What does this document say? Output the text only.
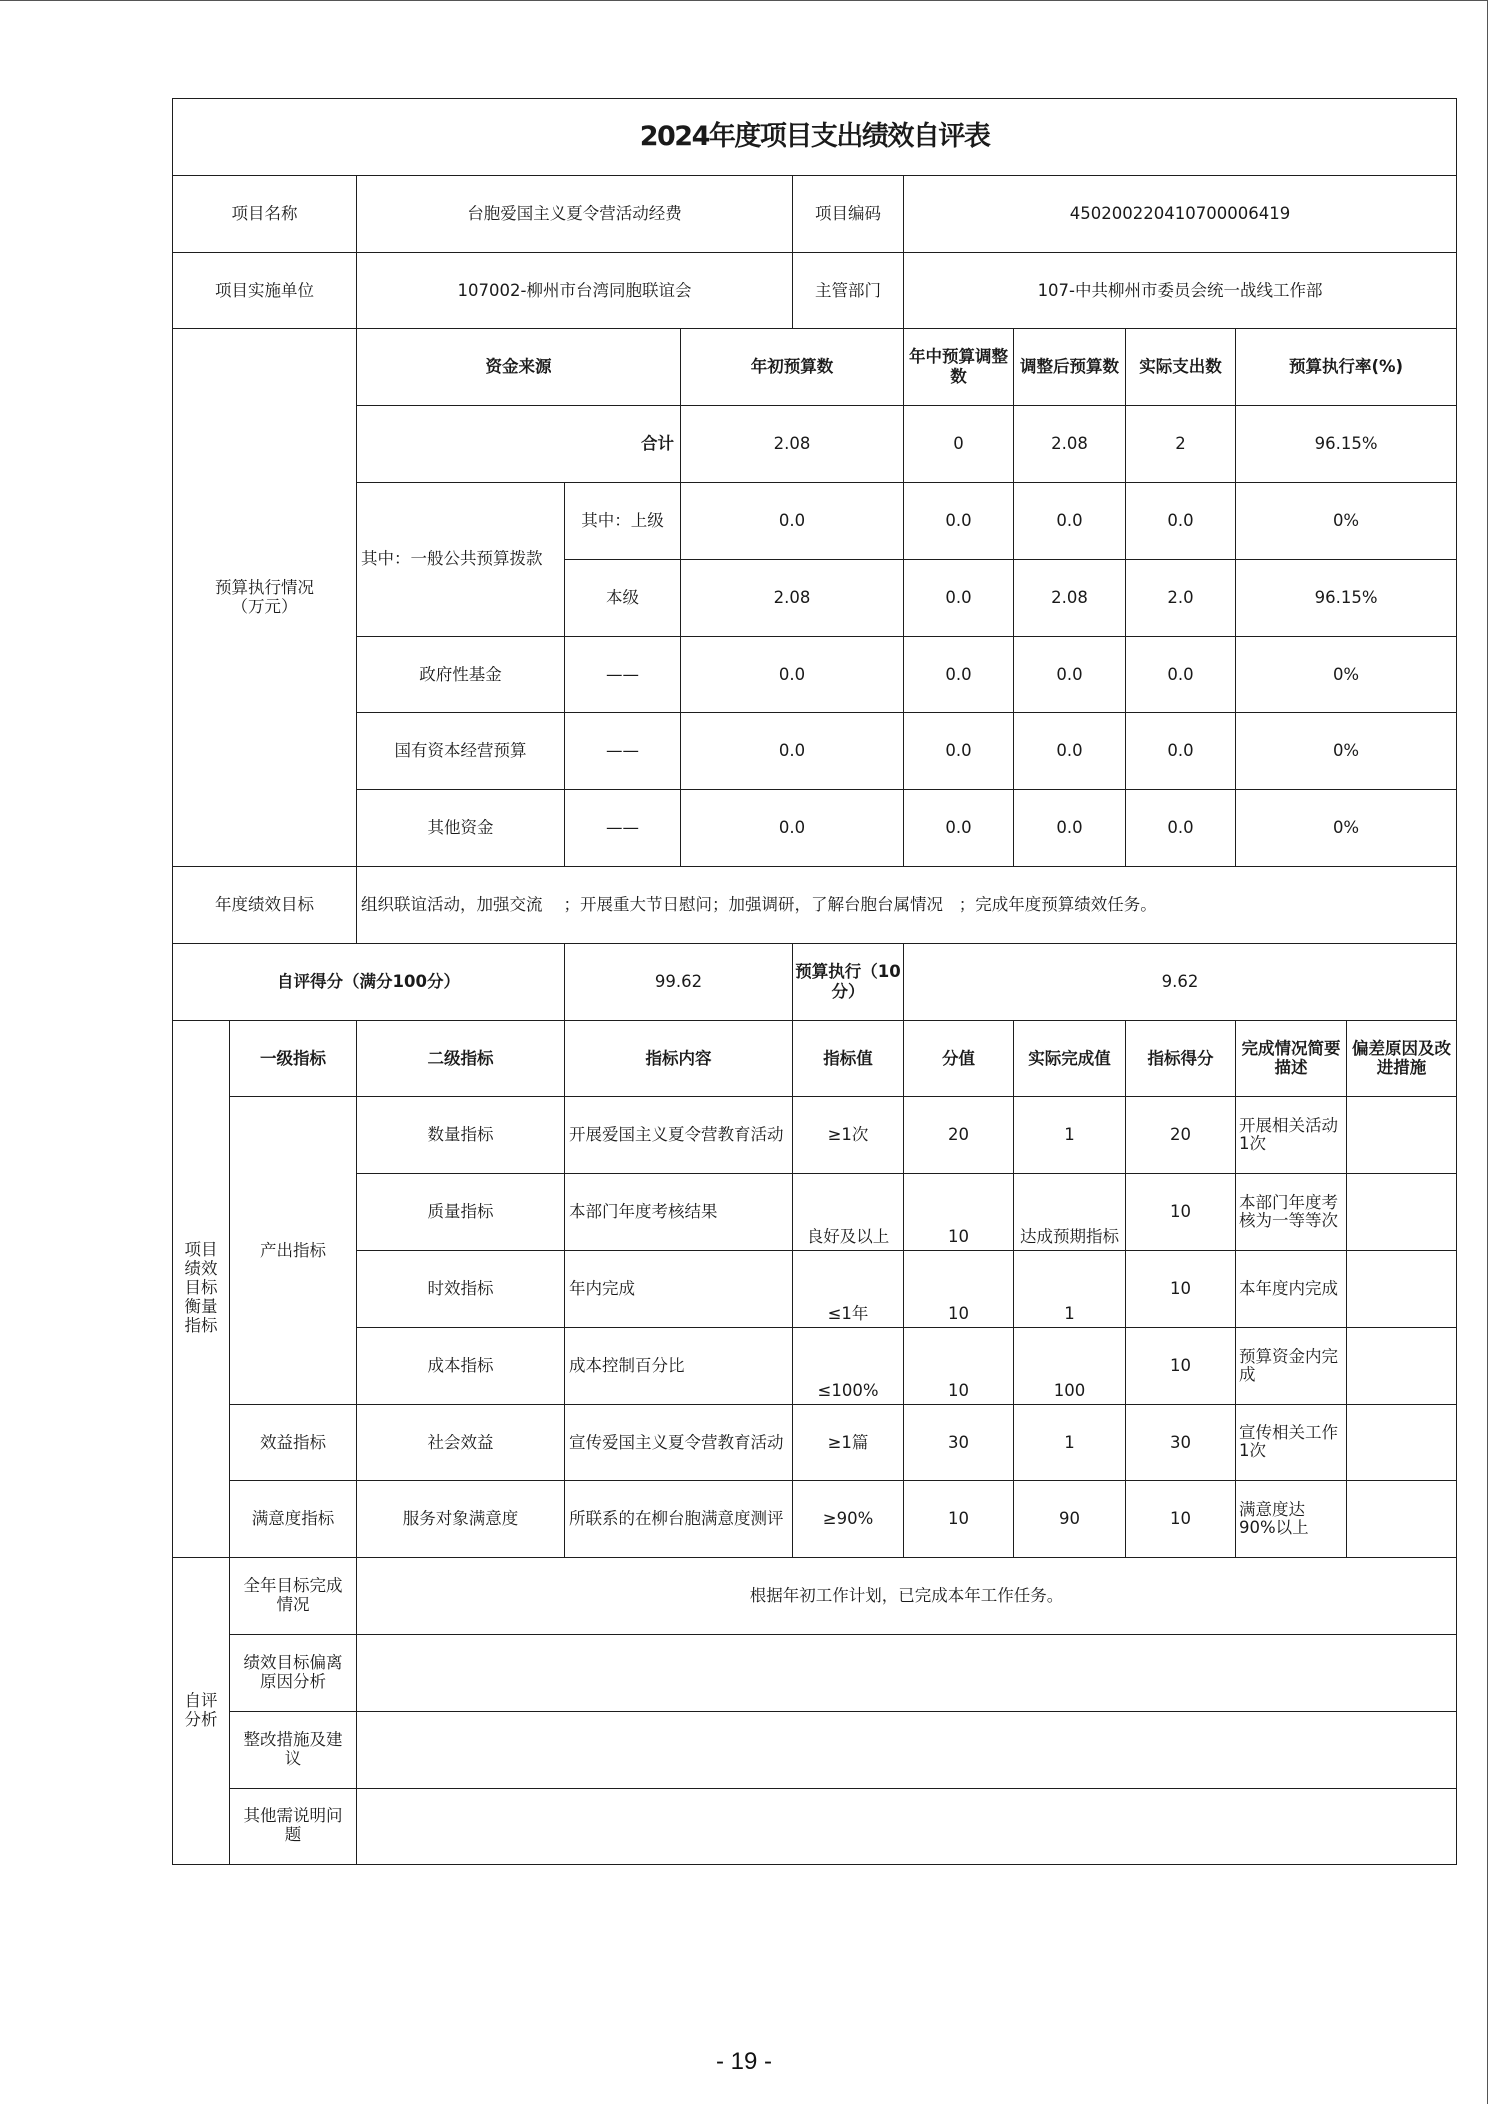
2024年度项目支出绩效自评表										
项目名称		台胞爱国主义夏令营活动经费			项目编码	450200220410700006419				
项目实施单位		107002-柳州市台湾同胞联谊会			主管部门	107-中共柳州市委员会统一战线工作部				
预算执行情况（万元）		资金来源		年初预算数		年中预算调整数	调整后预算数	实际支出数	预算执行率(%)	
		合计		2.08		0	2.08	2	96.15%	
		其中：一般公共预算拨款	其中：上级	0.0		0.0	0.0	0.0	0%	
			本级	2.08		0.0	2.08	2.0	96.15%	
		政府性基金	——	0.0		0.0	0.0	0.0	0%	
		国有资本经营预算	——	0.0		0.0	0.0	0.0	0%	
		其他资金	——	0.0		0.0	0.0	0.0	0%	
年度绩效目标		组织联谊活动，加强交流    ；开展重大节日慰问；加强调研，了解台胞台属情况   ；完成年度预算绩效任务。								
自评得分（满分100分）			99.62		预算执行（10分）	9.62				
项目绩效目标衡量指标	一级指标	二级指标	指标内容		指标值	分值	实际完成值	指标得分	完成情况简要描述	偏差原因及改进措施
	产出指标	数量指标	开展爱国主义夏令营教育活动		≥1次	20	1	20	开展相关活动1次	
		质量指标	本部门年度考核结果		良好及以上	10	达成预期指标	10	本部门年度考核为一等等次	
		时效指标	年内完成		≤1年	10	1	10	本年度内完成	
		成本指标	成本控制百分比		≤100%	10	100	10	预算资金内完成	
	效益指标	社会效益	宣传爱国主义夏令营教育活动		≥1篇	30	1	30	宣传相关工作1次	
	满意度指标	服务对象满意度	所联系的在柳台胞满意度测评		≥90%	10	90	10	满意度达90%以上	
自评分析	全年目标完成情况	根据年初工作计划，已完成本年工作任务。								
	绩效目标偏离原因分析									
	整改措施及建议									
	其他需说明问题									
- 19 -
